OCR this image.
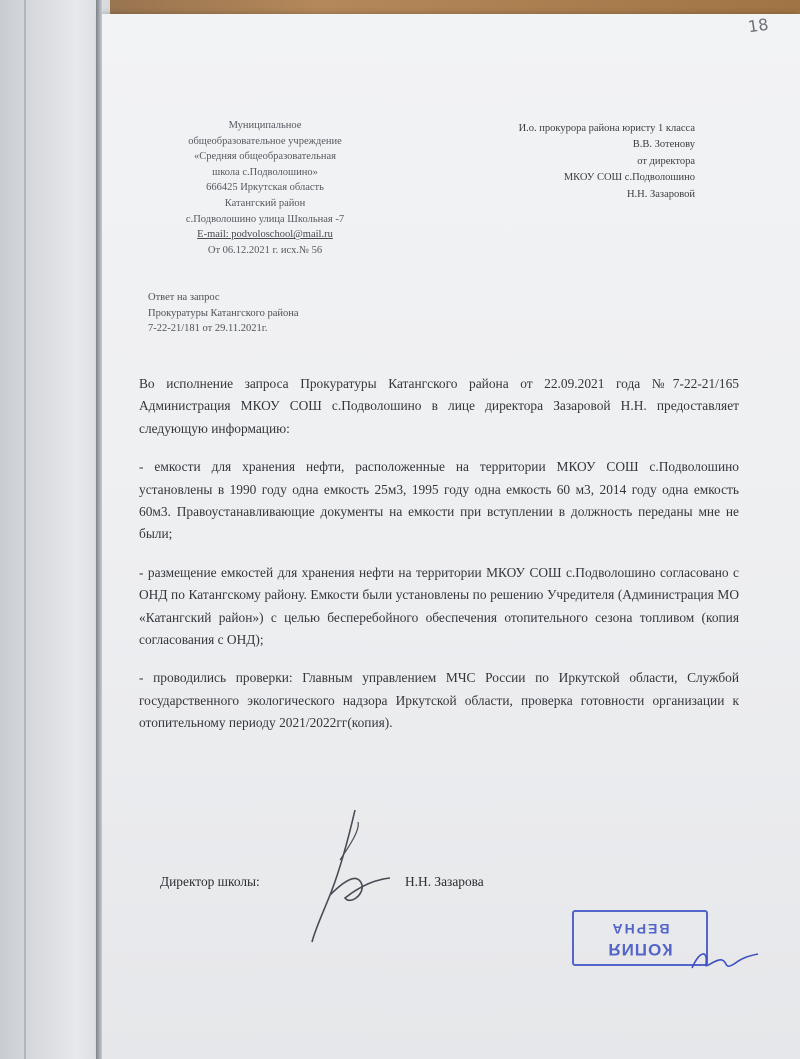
18
Муниципальное
общеобразовательное учреждение
«Средняя общеобразовательная
школа с.Подволошино»
666425 Иркутская область
Катангский район
с.Подволошино улица Школьная -7
E-mail: podvoloschool@mail.ru
От 06.12.2021 г. исх.№ 56
И.о. прокурора района юристу 1 класса
В.В. Зотенову
от директора
МКОУ СОШ с.Подволошино
Н.Н. Зазаровой
Ответ на запрос
Прокуратуры Катангского района
7-22-21/181 от 29.11.2021г.

Во исполнение запроса Прокуратуры Катангского района от 22.09.2021 года №7-22-21/165 Администрация МКОУ СОШ с.Подволошино в лице директора Зазаровой Н.Н. предоставляет следующую информацию:

- емкости для хранения нефти, расположенные на территории МКОУ СОШ с.Подволошино установлены в 1990 году одна емкость 25м3, 1995 году одна емкость 60 м3, 2014 году одна емкость 60м3. Правоустанавливающие документы на емкости при вступлении в должность переданы мне не были;

- размещение емкостей для хранения нефти на территории МКОУ СОШ с.Подволошино согласовано с ОНД по Катангскому району. Емкости были установлены по решению Учредителя (Администрация МО «Катангский район») с целью бесперебойного обеспечения отопительного сезона топливом (копия согласования с ОНД);

- проводились проверки: Главным управлением МЧС России по Иркутской области, Службой государственного экологического надзора Иркутской области, проверка готовности организации к отопительному периоду 2021/2022гг(копия).

Директор школы:	Н.Н. Зазарова
КОПИЯ
ВЕРНА
